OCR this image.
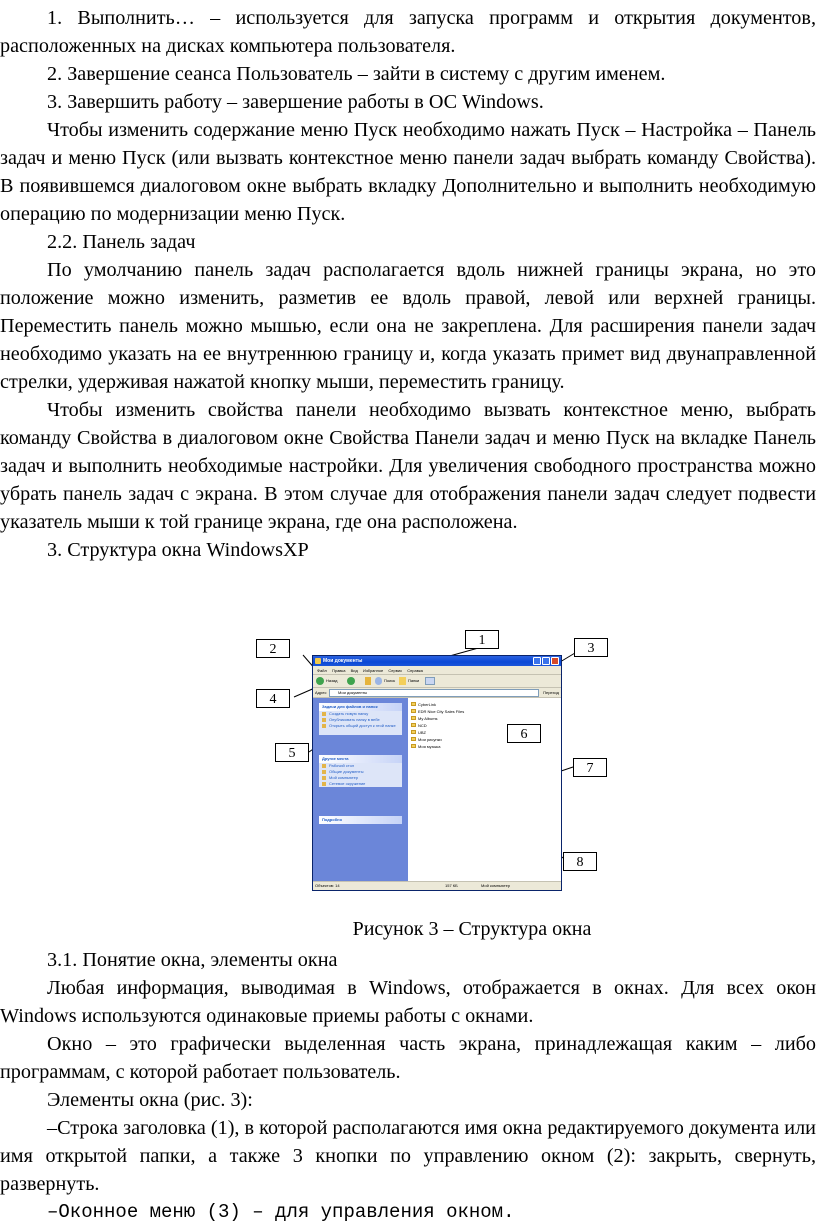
1. Выполнить… – используется для запуска программ и открытия документов, расположенных на дисках компьютера пользователя.

2. Завершение сеанса Пользователь – зайти в систему с другим именем.

3. Завершить работу – завершение работы в ОС Windows.

Чтобы изменить содержание меню Пуск необходимо нажать Пуск – Настройка – Панель задач и меню Пуск (или вызвать контекстное меню панели задач выбрать команду Свойства). В появившемся диалоговом окне выбрать вкладку Дополнительно и выполнить необходимую операцию по модернизации меню Пуск.

2.2. Панель задач

По умолчанию панель задач располагается вдоль нижней границы экрана, но это положение можно изменить, разметив ее вдоль правой, левой или верхней границы. Переместить панель можно мышью, если она не закреплена. Для расширения панели задач необходимо указать на ее внутреннюю границу и, когда указать примет вид двунаправленной стрелки, удерживая нажатой кнопку мыши, переместить границу.

Чтобы изменить свойства панели необходимо вызвать контекстное меню, выбрать команду Свойства в диалоговом окне Свойства Панели задач и меню Пуск на вкладке Панель задач и выполнить необходимые настройки. Для увеличения свободного пространства можно убрать панель задач с экрана. В этом случае для отображения панели задач следует подвести указатель мыши к той границе экрана, где она расположена.

3. Структура окна WindowsXP

Мои документы
Файл Правка Вид Избранное Сервис Справка
Назад	Поиск	Папки
Адрес	Мои документы	Переход
Задачи для файлов и папок
Создать новую папку
Опубликовать папку в вебе
Открыть общий доступ к этой папке
Другие места
Рабочий стол
Общие документы
Мой компьютер
Сетевое окружение
Подробно
CyberLink
EDR Nice City Sales Files
My Albums
NCD
UBZ
Мои рисунки
Моя музыка
Объектов: 14	157 КБ	Мой компьютер
2
1
3
4
5
6
7
8
Рисунок 3 – Структура окна

3.1. Понятие окна, элементы окна

Любая информация, выводимая в Windows, отображается в окнах. Для всех окон Windows используются одинаковые приемы работы с окнами.

Окно – это графически выделенная часть экрана, принадлежащая каким – либо программам, с которой работает пользователь.

Элементы окна (рис. 3):

–Строка заголовка (1), в которой располагаются имя окна редактируемого документа или имя открытой папки, а также 3 кнопки по управлению окном (2): закрыть, свернуть, развернуть.

–Оконное меню (3) – для управления окном.
